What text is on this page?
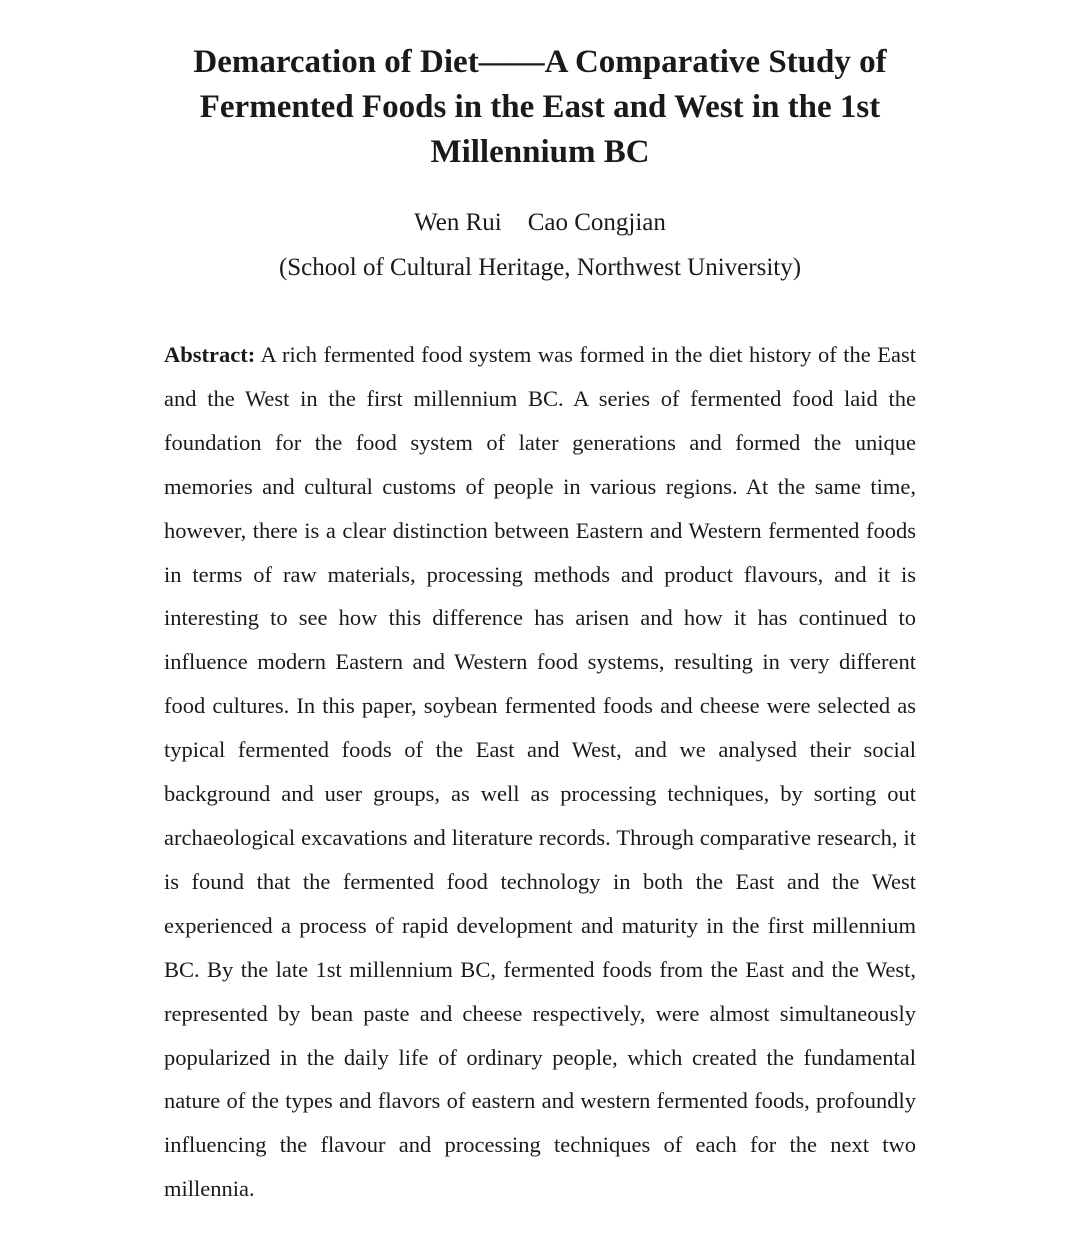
Demarcation of Diet——A Comparative Study of Fermented Foods in the East and West in the 1st Millennium BC

Wen Rui Cao Congjian

(School of Cultural Heritage, Northwest University)

Abstract: A rich fermented food system was formed in the diet history of the East and the West in the first millennium BC. A series of fermented food laid the foundation for the food system of later generations and formed the unique memories and cultural customs of people in various regions. At the same time, however, there is a clear distinction between Eastern and Western fermented foods in terms of raw materials, processing methods and product flavours, and it is interesting to see how this difference has arisen and how it has continued to influence modern Eastern and Western food systems, resulting in very different food cultures. In this paper, soybean fermented foods and cheese were selected as typical fermented foods of the East and West, and we analysed their social background and user groups, as well as processing techniques, by sorting out archaeological excavations and literature records. Through comparative research, it is found that the fermented food technology in both the East and the West experienced a process of rapid development and maturity in the first millennium BC. By the late 1st millennium BC, fermented foods from the East and the West, represented by bean paste and cheese respectively, were almost simultaneously popularized in the daily life of ordinary people, which created the fundamental nature of the types and flavors of eastern and western fermented foods, profoundly influencing the flavour and processing techniques of each for the next two millennia.
